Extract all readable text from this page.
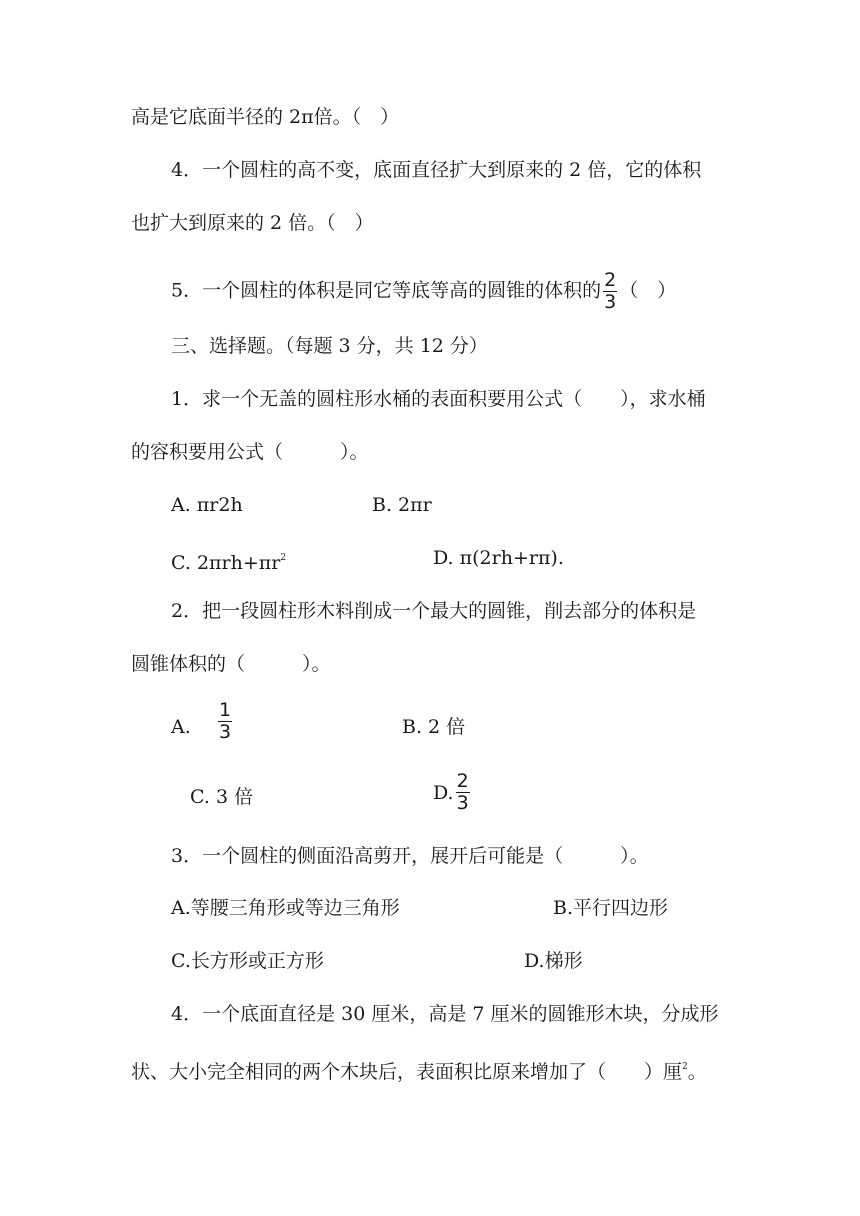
高是它底面半径的 2π倍。（　）
4．一个圆柱的高不变，底面直径扩大到原来的 2 倍，它的体积
也扩大到原来的 2 倍。（　）
5．一个圆柱的体积是同它等底等高的圆锥的体积的 $\frac{2}{3}$ （　）
三、选择题。（每题 3 分，共 12 分）
1．求一个无盖的圆柱形水桶的表面积要用公式（　　），求水桶
的容积要用公式（　　　）。
A. πr2h	B. 2πr
C. $2\pi rh+\pi r^2$	D. π(2rh+rπ).
2．把一段圆柱形木料削成一个最大的圆锥，削去部分的体积是
圆锥体积的（　　　）。
A. $\frac{1}{3}$	B. 2 倍
C. 3 倍	D. $\frac{2}{3}$
3．一个圆柱的侧面沿高剪开，展开后可能是（　　　）。
A.等腰三角形或等边三角形	B.平行四边形
C.长方形或正方形	D.梯形
4．一个底面直径是 30 厘米，高是 7 厘米的圆锥形木块，分成形
状、大小完全相同的两个木块后，表面积比原来增加了（　　）厘$^2$。
